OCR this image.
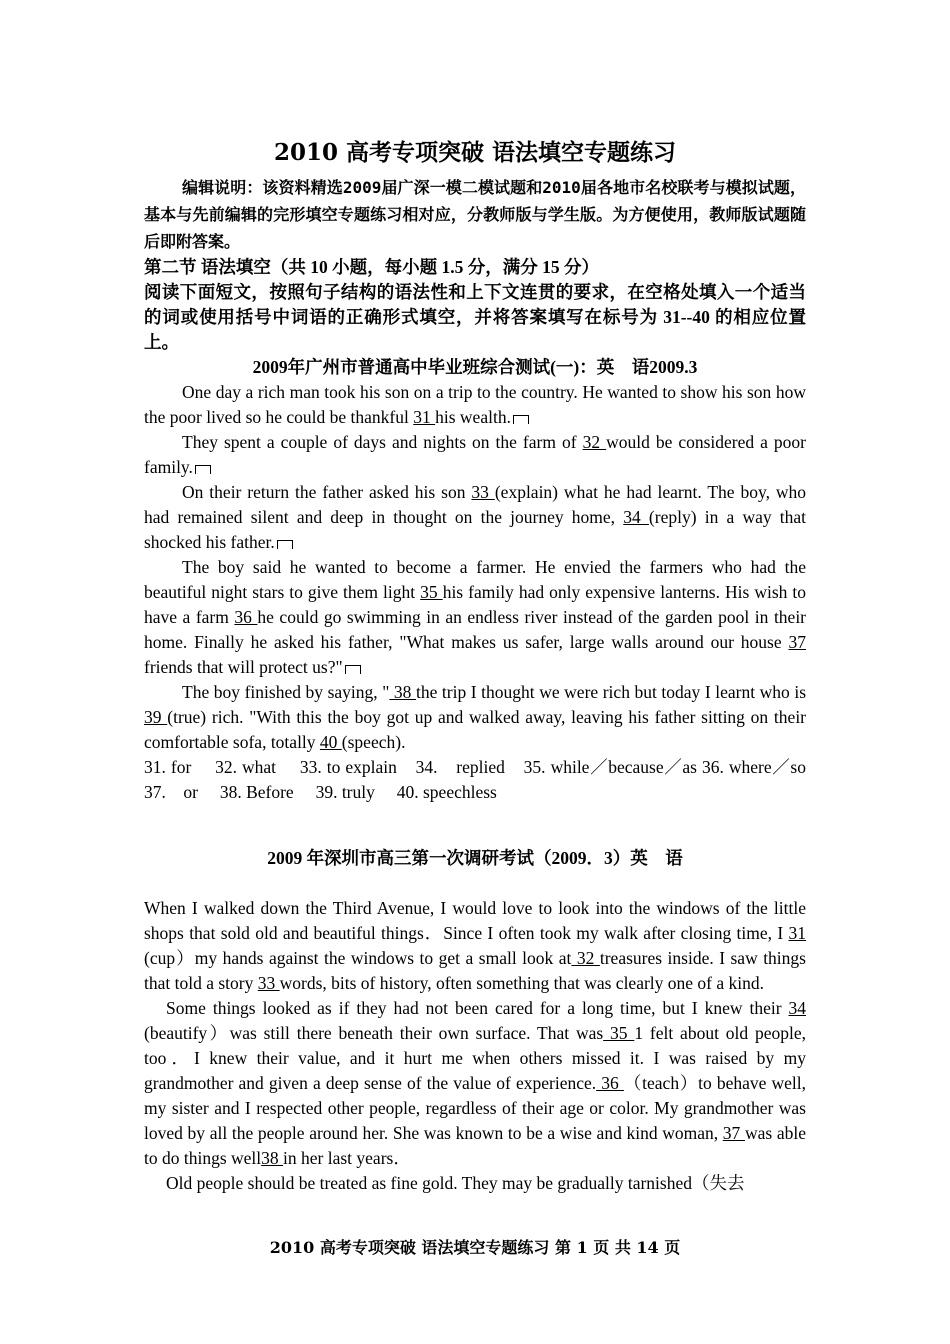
2010 高考专项突破 语法填空专题练习

编辑说明：该资料精选2009届广深一模二模试题和2010届各地市名校联考与模拟试题，基本与先前编辑的完形填空专题练习相对应，分教师版与学生版。为方便使用，教师版试题随后即附答案。

第二节 语法填空（共 10 小题，每小题 1.5 分，满分 15 分）

阅读下面短文，按照句子结构的语法性和上下文连贯的要求，在空格处填入一个适当的词或使用括号中词语的正确形式填空，并将答案填写在标号为 31--40 的相应位置上。

2009年广州市普通高中毕业班综合测试(一)：英　语2009.3

One day a rich man took his son on a trip to the country. He wanted to show his son how the poor lived so he could be thankful 31 his wealth.

They spent a couple of days and nights on the farm of 32 would be considered a poor family.

On their return the father asked his son 33 (explain) what he had learnt. The boy, who had remained silent and deep in thought on the journey home, 34 (reply) in a way that shocked his father.

The boy said he wanted to become a farmer. He envied the farmers who had the beautiful night stars to give them light 35 his family had only expensive lanterns. His wish to have a farm 36 he could go swimming in an endless river instead of the garden pool in their home. Finally he asked his father, "What makes us safer, large walls around our house 37 friends that will protect us?"

The boy finished by saying, " 38 the trip I thought we were rich but today I learnt who is 39 (true) rich. "With this the boy got up and walked away, leaving his father sitting on their comfortable sofa, totally 40 (speech).

31. for　 32. what　 33. to explain　34.　replied　35. while／because／as 36. where／so　37.　or　 38. Before　 39. truly　 40. speechless

2009 年深圳市高三第一次调研考试（2009．3）英　语

When I walked down the Third Avenue, I would love to look into the windows of the little shops that sold old and beautiful things．Since I often took my walk after closing time, I 31 (cup）my hands against the windows to get a small look at 32 treasures inside. I saw things that told a story 33 words, bits of history, often something that was clearly one of a kind.

Some things looked as if they had not been cared for a long time, but I knew their 34 (beautify）was still there beneath their own surface. That was 35 1 felt about old people, too．I knew their value, and it hurt me when others missed it. I was raised by my grandmother and given a deep sense of the value of experience. 36 （teach）to behave well, my sister and I respected other people, regardless of their age or color. My grandmother was loved by all the people around her. She was known to be a wise and kind woman, 37 was able to do things well38 in her last years．

Old people should be treated as fine gold. They may be gradually tarnished（失去

2010 高考专项突破 语法填空专题练习 第 1 页 共 14 页
